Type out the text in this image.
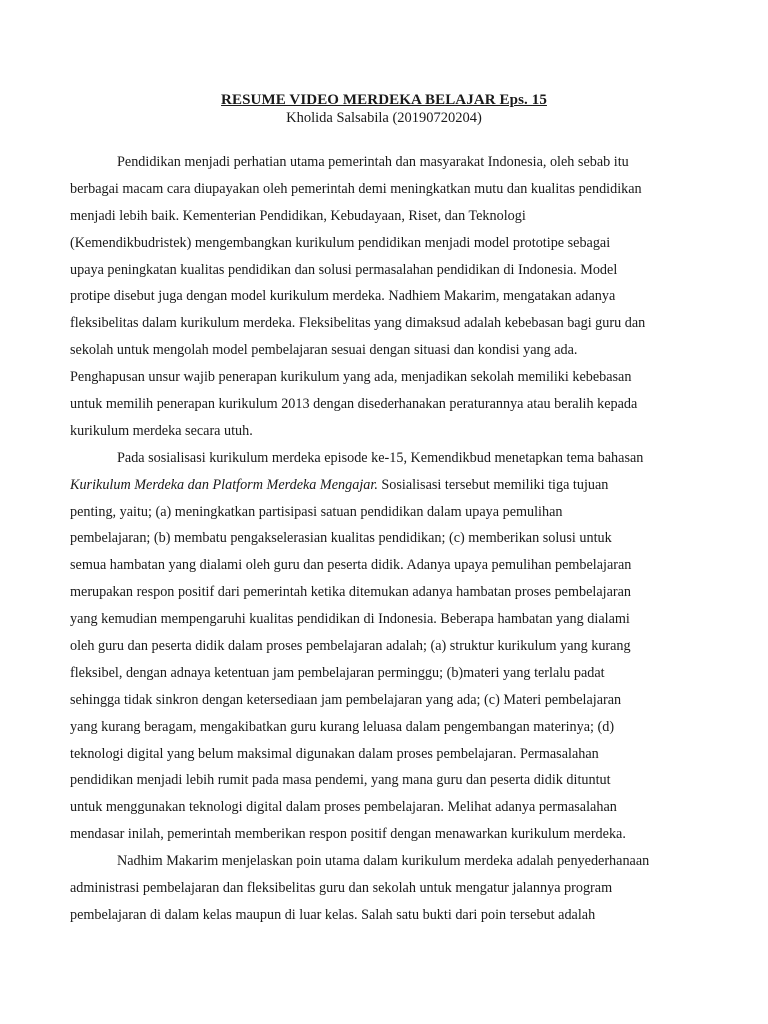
RESUME VIDEO MERDEKA BELAJAR Eps. 15
Kholida Salsabila (20190720204)
Pendidikan menjadi perhatian utama pemerintah dan masyarakat Indonesia, oleh sebab itu
berbagai macam cara diupayakan oleh pemerintah demi meningkatkan mutu dan kualitas pendidikan
menjadi lebih baik. Kementerian Pendidikan, Kebudayaan, Riset, dan Teknologi
(Kemendikbudristek) mengembangkan kurikulum pendidikan menjadi model prototipe sebagai
upaya peningkatan kualitas pendidikan dan solusi permasalahan pendidikan di Indonesia. Model
protipe disebut juga dengan model kurikulum merdeka. Nadhiem Makarim, mengatakan adanya
fleksibelitas dalam kurikulum merdeka. Fleksibelitas yang dimaksud adalah kebebasan bagi guru dan
sekolah untuk mengolah model pembelajaran sesuai dengan situasi dan kondisi yang ada.
Penghapusan unsur wajib penerapan kurikulum yang ada, menjadikan sekolah memiliki kebebasan
untuk memilih penerapan kurikulum 2013 dengan disederhanakan peraturannya atau beralih kepada
kurikulum merdeka secara utuh.
Pada sosialisasi kurikulum merdeka episode ke-15, Kemendikbud menetapkan tema bahasan
Kurikulum Merdeka dan Platform Merdeka Mengajar. Sosialisasi tersebut memiliki tiga tujuan
penting, yaitu; (a) meningkatkan partisipasi satuan pendidikan dalam upaya pemulihan
pembelajaran; (b) membatu pengakselerasian kualitas pendidikan; (c) memberikan solusi untuk
semua hambatan yang dialami oleh guru dan peserta didik. Adanya upaya pemulihan pembelajaran
merupakan respon positif dari pemerintah ketika ditemukan adanya hambatan proses pembelajaran
yang kemudian mempengaruhi kualitas pendidikan di Indonesia. Beberapa hambatan yang dialami
oleh guru dan peserta didik dalam proses pembelajaran adalah; (a) struktur kurikulum yang kurang
fleksibel, dengan adnaya ketentuan jam pembelajaran perminggu; (b)materi yang terlalu padat
sehingga tidak sinkron dengan ketersediaan jam pembelajaran yang ada; (c) Materi pembelajaran
yang kurang beragam, mengakibatkan guru kurang leluasa dalam pengembangan materinya; (d)
teknologi digital yang belum maksimal digunakan dalam proses pembelajaran. Permasalahan
pendidikan menjadi lebih rumit pada masa pendemi, yang mana guru dan peserta didik dituntut
untuk menggunakan teknologi digital dalam proses pembelajaran. Melihat adanya permasalahan
mendasar inilah, pemerintah memberikan respon positif dengan menawarkan kurikulum merdeka.
Nadhim Makarim menjelaskan poin utama dalam kurikulum merdeka adalah penyederhanaan
administrasi pembelajaran dan fleksibelitas guru dan sekolah untuk mengatur jalannya program
pembelajaran di dalam kelas maupun di luar kelas. Salah satu bukti dari poin tersebut adalah
